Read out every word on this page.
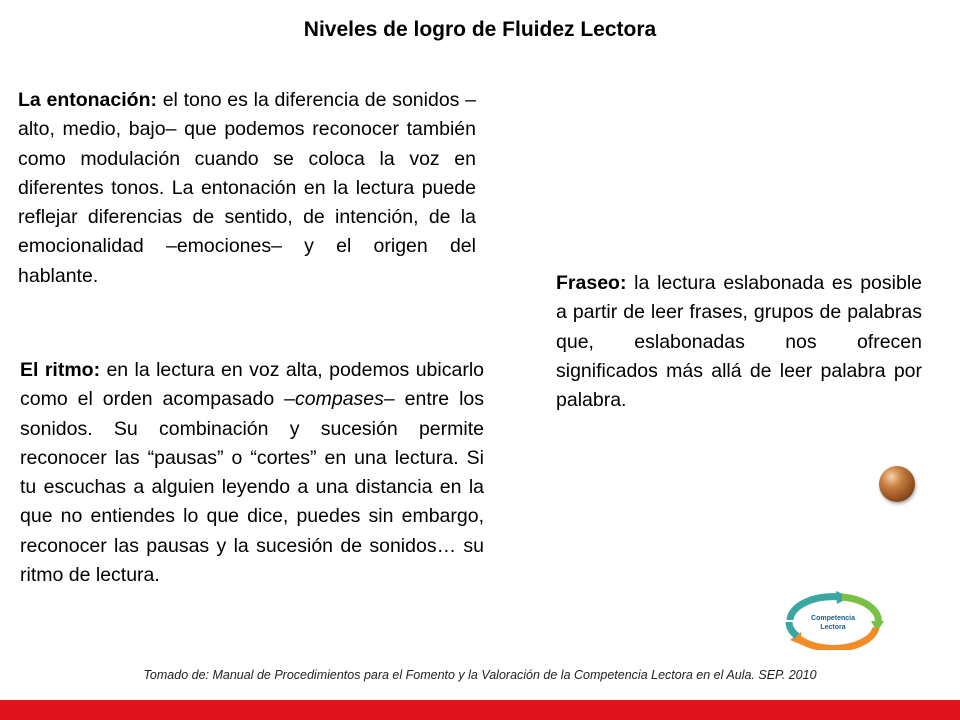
Niveles de logro de Fluidez Lectora

La entonación: el tono es la diferencia de sonidos –alto, medio, bajo– que podemos reconocer también como modulación cuando se coloca la voz en diferentes tonos. La entonación en la lectura puede reflejar diferencias de sentido, de intención, de la emocionalidad –emociones– y el origen del hablante.

El ritmo: en la lectura en voz alta, podemos ubicarlo como el orden acompasado –compases– entre los sonidos. Su combinación y sucesión permite reconocer las “pausas” o “cortes” en una lectura. Si tu escuchas a alguien leyendo a una distancia en la que no entiendes lo que dice, puedes sin embargo, reconocer las pausas y la sucesión de sonidos… su ritmo de lectura.

Fraseo: la lectura eslabonada es posible a partir de leer frases, grupos de palabras que, eslabonadas nos ofrecen significados más allá de leer palabra por palabra.

Competencia
Lectora
Tomado de: Manual de Procedimientos para el Fomento y la Valoración de la Competencia Lectora en el Aula. SEP. 2010
